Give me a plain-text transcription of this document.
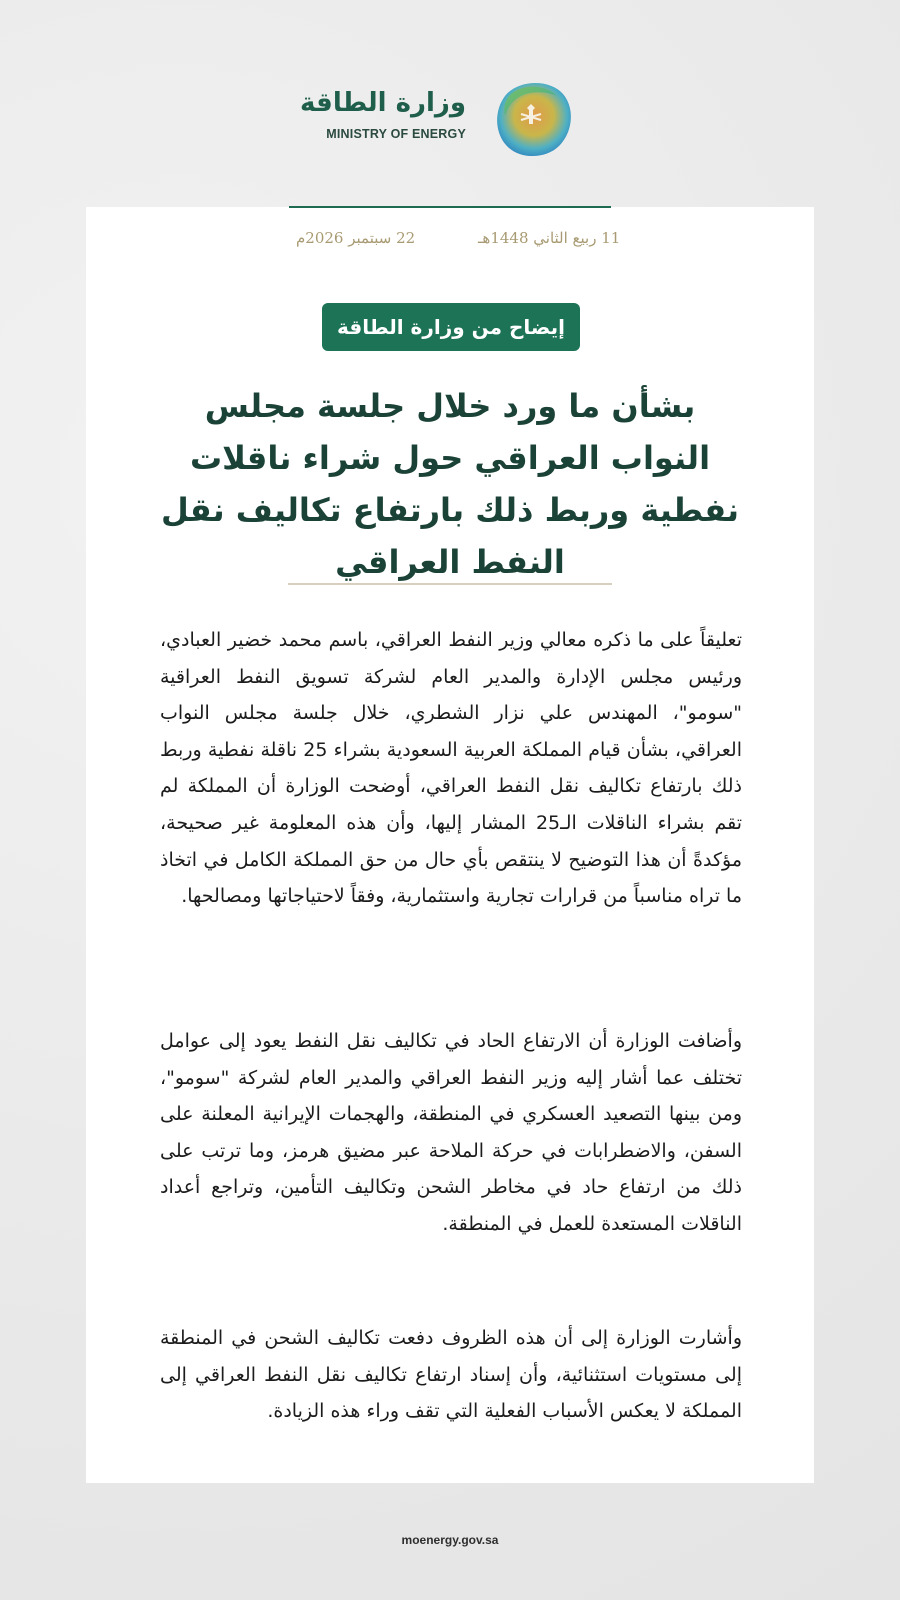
وزارة الطاقة
MINISTRY OF ENERGY
11 ربيع الثاني 1448هـ
22 سبتمبر 2026م
إيضاح من وزارة الطاقة
بشأن ما ورد خلال جلسة مجلس النواب العراقي حول شراء ناقلات نفطية وربط ذلك بارتفاع تكاليف نقل النفط العراقي
تعليقاً على ما ذكره معالي وزير النفط العراقي، باسم محمد خضير العبادي، ورئيس مجلس الإدارة والمدير العام لشركة تسويق النفط العراقية "سومو"، المهندس علي نزار الشطري، خلال جلسة مجلس النواب العراقي، بشأن قيام المملكة العربية السعودية بشراء 25 ناقلة نفطية وربط ذلك بارتفاع تكاليف نقل النفط العراقي، أوضحت الوزارة أن المملكة لم تقم بشراء الناقلات الـ25 المشار إليها، وأن هذه المعلومة غير صحيحة، مؤكدةً أن هذا التوضيح لا ينتقص بأي حال من حق المملكة الكامل في اتخاذ ما تراه مناسباً من قرارات تجارية واستثمارية، وفقاً لاحتياجاتها ومصالحها.
وأضافت الوزارة أن الارتفاع الحاد في تكاليف نقل النفط يعود إلى عوامل تختلف عما أشار إليه وزير النفط العراقي والمدير العام لشركة "سومو"، ومن بينها التصعيد العسكري في المنطقة، والهجمات الإيرانية المعلنة على السفن، والاضطرابات في حركة الملاحة عبر مضيق هرمز، وما ترتب على ذلك من ارتفاع حاد في مخاطر الشحن وتكاليف التأمين، وتراجع أعداد الناقلات المستعدة للعمل في المنطقة.
وأشارت الوزارة إلى أن هذه الظروف دفعت تكاليف الشحن في المنطقة إلى مستويات استثنائية، وأن إسناد ارتفاع تكاليف نقل النفط العراقي إلى المملكة لا يعكس الأسباب الفعلية التي تقف وراء هذه الزيادة.
moenergy.gov.sa
